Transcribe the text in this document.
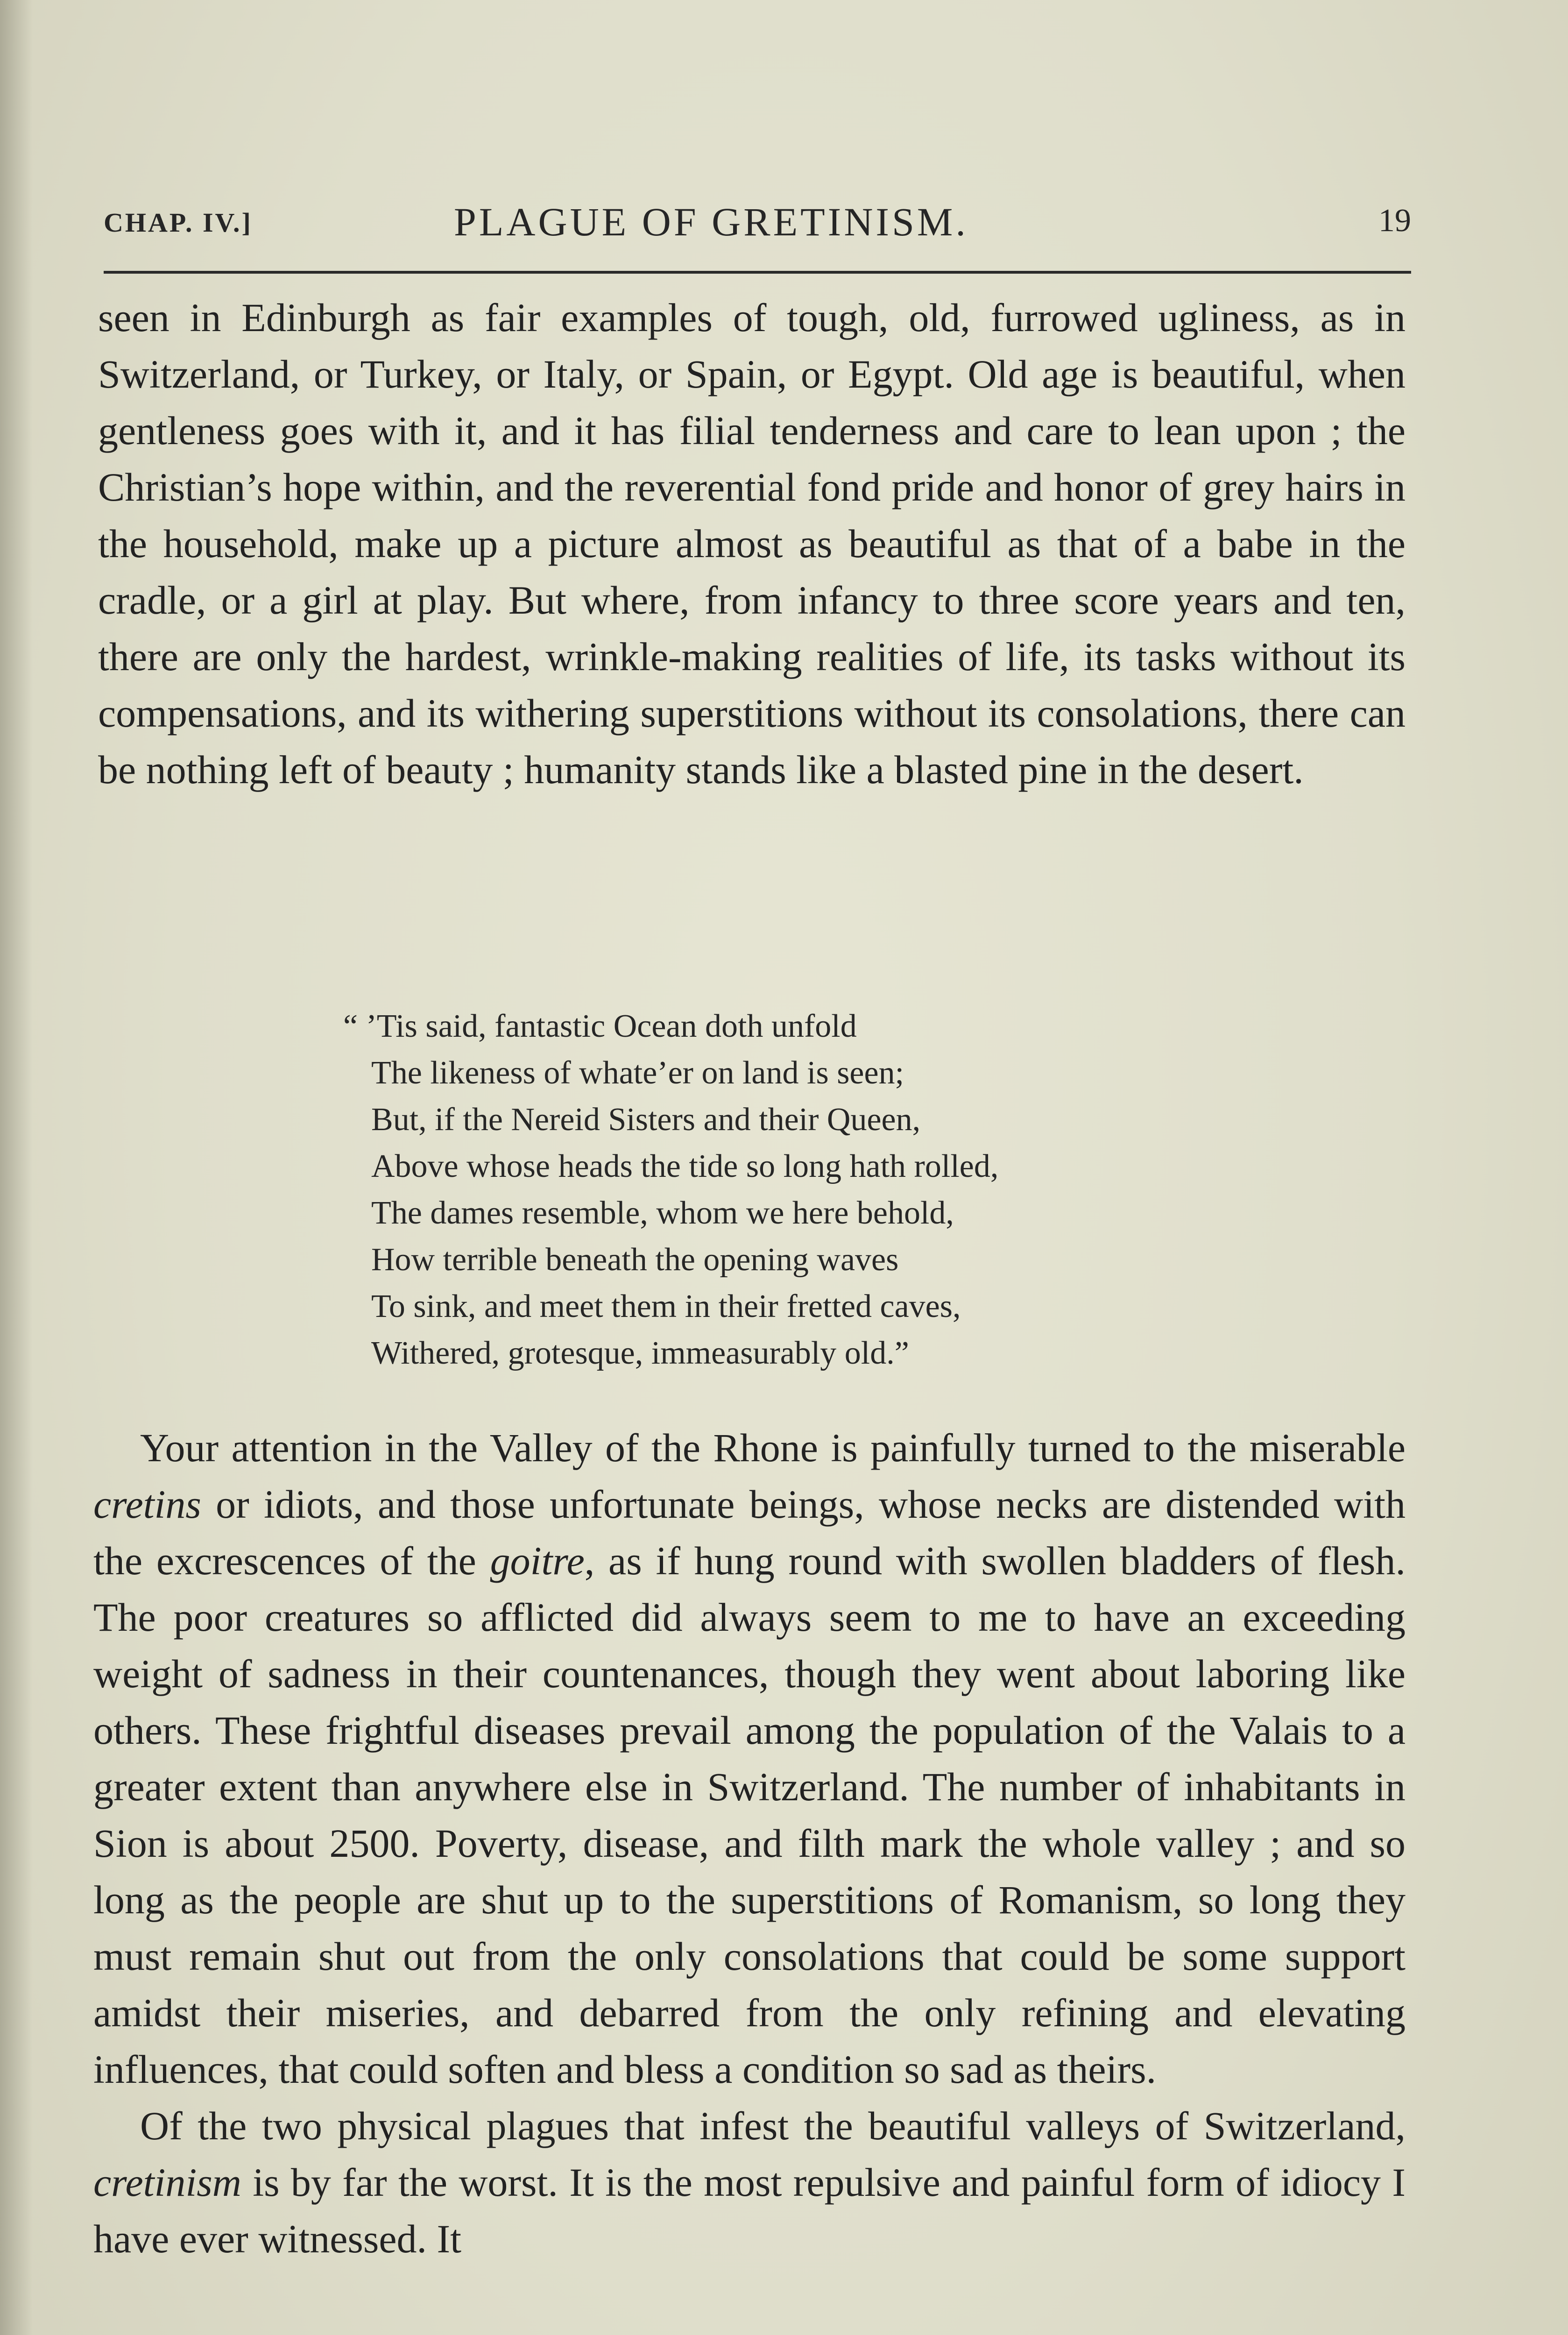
CHAP. IV.]	PLAGUE OF GRETINISM.	19

seen in Edinburgh as fair examples of tough, old, furrowed ugliness, as in Switzerland, or Turkey, or Italy, or Spain, or Egypt. Old age is beautiful, when gentleness goes with it, and it has filial tenderness and care to lean upon ; the Christian’s hope within, and the reverential fond pride and honor of grey hairs in the household, make up a picture almost as beautiful as that of a babe in the cradle, or a girl at play. But where, from infancy to three score years and ten, there are only the hardest, wrinkle-making realities of life, its tasks without its compensations, and its withering superstitions without its consolations, there can be nothing left of beauty ; humanity stands like a blasted pine in the desert.

“ ’Tis said, fantastic Ocean doth unfold
The likeness of whate’er on land is seen;
But, if the Nereid Sisters and their Queen,
Above whose heads the tide so long hath rolled,
The dames resemble, whom we here behold,
How terrible beneath the opening waves
To sink, and meet them in their fretted caves,
Withered, grotesque, immeasurably old.”

Your attention in the Valley of the Rhone is painfully turned to the miserable cretins or idiots, and those unfortunate beings, whose necks are distended with the excrescences of the goitre, as if hung round with swollen bladders of flesh. The poor creatures so afflicted did always seem to me to have an exceeding weight of sadness in their countenances, though they went about laboring like others. These frightful diseases prevail among the population of the Valais to a greater extent than anywhere else in Switzerland. The number of inhabitants in Sion is about 2500. Poverty, disease, and filth mark the whole valley ; and so long as the people are shut up to the superstitions of Romanism, so long they must remain shut out from the only consolations that could be some support amidst their miseries, and debarred from the only refining and elevating influences, that could soften and bless a condition so sad as theirs.

Of the two physical plagues that infest the beautiful valleys of Switzerland, cretinism is by far the worst. It is the most repulsive and painful form of idiocy I have ever witnessed. It
